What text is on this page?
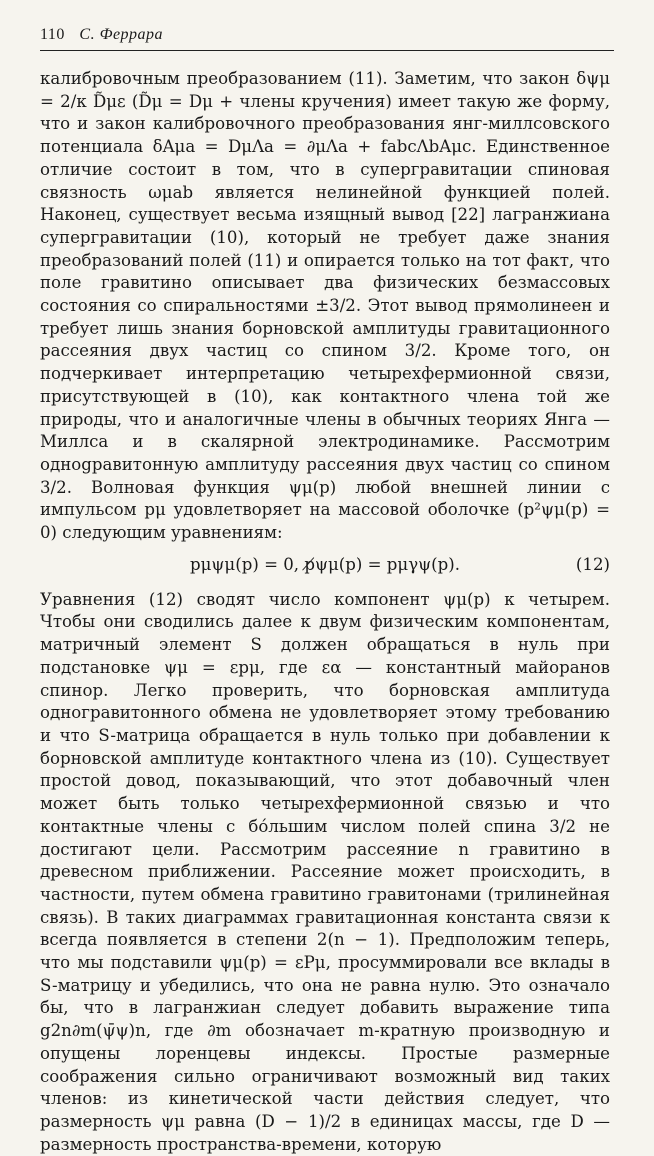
110 С. Феррара

калибровочным преобразованием (11). Заметим, что закон δψμ = 2/κ D̃με (D̃μ = Dμ + члены кручения) имеет такую же форму, что и закон калибровочного преобразования янг-миллсовского потенциала δAμa = DμΛa = ∂μΛa + fabcΛbAμc. Единственное отличие состоит в том, что в супергравитации спиновая связность ωμab является нелинейной функцией полей. Наконец, существует весьма изящный вывод [22] лагранжиана супергравитации (10), который не требует даже знания преобразований полей (11) и опирается только на тот факт, что поле гравитино описывает два физических безмассовых состояния со спиральностями ±3/2. Этот вывод прямолинеен и требует лишь знания борновской амплитуды гравитационного рассеяния двух частиц со спином 3/2. Кроме того, он подчеркивает интерпретацию четырехфермионной связи, присутствующей в (10), как контактного члена той же природы, что и аналогичные члены в обычных теориях Янга — Миллса и в скалярной электродинамике. Рассмотрим однogравитонную амплитуду рассеяния двух частиц со спином 3/2. Волновая функция ψμ(p) любой внешней линии с импульсом pμ удовлетворяет на массовой оболочке (p²ψμ(p) = 0) следующим уравнениям:

pμψμ(p) = 0, p̸ψμ(p) = pμγψ(p).	(12)

Уравнения (12) сводят число компонент ψμ(p) к четырем. Чтобы они сводились далее к двум физическим компонентам, матричный элемент S должен обращаться в нуль при подстановке ψμ = εpμ, где εα — константный майоранов спинор. Легко проверить, что борновская амплитуда одногравитонного обмена не удовлетворяет этому требованию и что S-матрица обращается в нуль только при добавлении к борновской амплитуде контактного члена из (10). Существует простой довод, показывающий, что этот добавочный член может быть только четырехфермионной связью и что контактные члены с бо́льшим числом полей спина 3/2 не достигают цели. Рассмотрим рассеяние n гравитино в древесном приближении. Рассеяние может происходить, в частности, путем обмена гравитино гравитонами (трилинейная связь). В таких диаграммах гравитационная константа связи κ всегда появляется в степени 2(n − 1). Предположим теперь, что мы подставили ψμ(p) = εPμ, просуммировали все вклады в S-матрицу и убедились, что она не равна нулю. Это означало бы, что в лагранжиан следует добавить выражение типа g2n∂m(ψ̄ψ)n, где ∂m обозначает m-кратную производную и опущены лоренцевы индексы. Простые размерные соображения сильно ограничивают возможный вид таких членов: из кинетической части действия следует, что размерность ψμ равна (D − 1)/2 в единицах массы, где D — размерность пространства-времени, которую
